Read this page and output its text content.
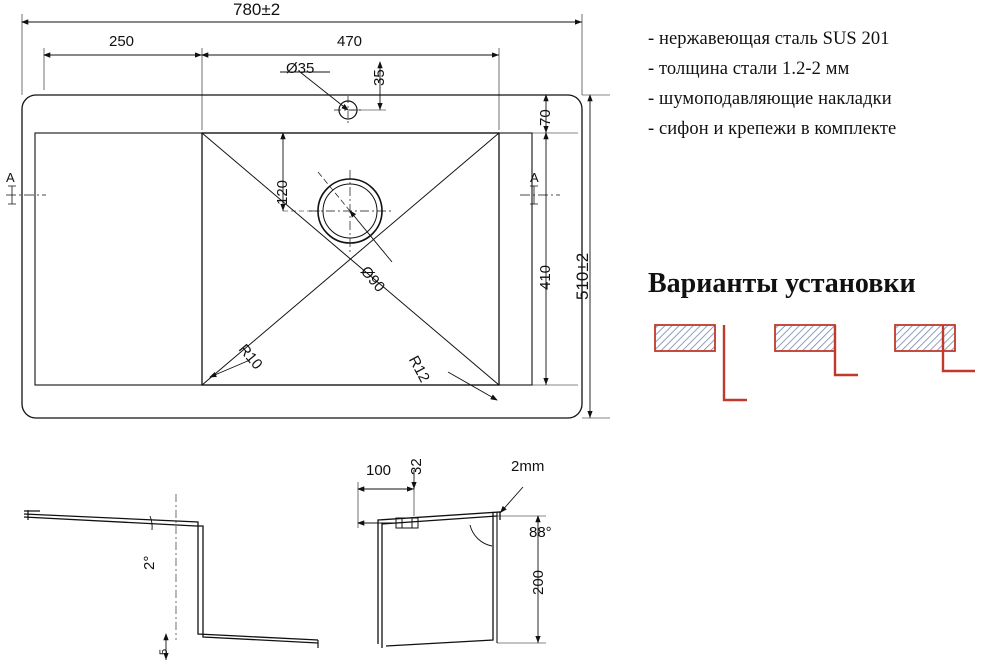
- нержавеющая сталь SUS 201
- толщина стали 1.2-2 мм
- шумоподавляющие накладки
- сифон и крепежи в комплекте
Варианты установки
780±2
250	470
510±2
410
70
Ø35
35
120
Ø90
R10	R12
A	A
100 32	2mm
2°
88°
200
5
